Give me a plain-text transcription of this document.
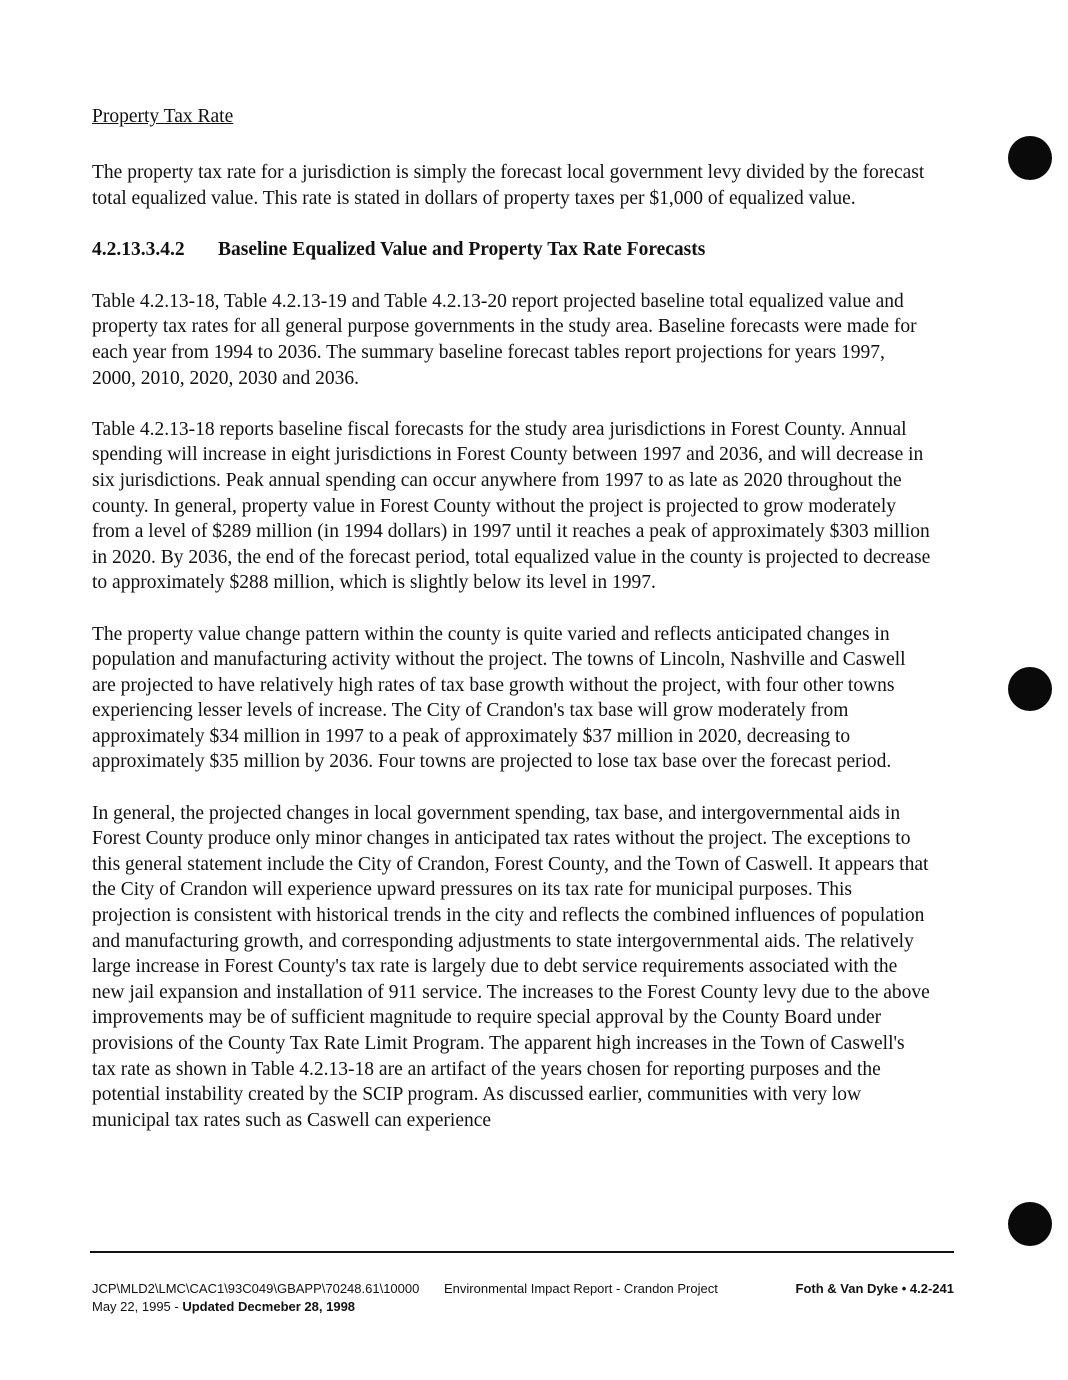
Property Tax Rate

The property tax rate for a jurisdiction is simply the forecast local government levy divided by the forecast total equalized value. This rate is stated in dollars of property taxes per $1,000 of equalized value.

4.2.13.3.4.2	Baseline Equalized Value and Property Tax Rate Forecasts

Table 4.2.13-18, Table 4.2.13-19 and Table 4.2.13-20 report projected baseline total equalized value and property tax rates for all general purpose governments in the study area. Baseline forecasts were made for each year from 1994 to 2036. The summary baseline forecast tables report projections for years 1997, 2000, 2010, 2020, 2030 and 2036.

Table 4.2.13-18 reports baseline fiscal forecasts for the study area jurisdictions in Forest County. Annual spending will increase in eight jurisdictions in Forest County between 1997 and 2036, and will decrease in six jurisdictions. Peak annual spending can occur anywhere from 1997 to as late as 2020 throughout the county. In general, property value in Forest County without the project is projected to grow moderately from a level of $289 million (in 1994 dollars) in 1997 until it reaches a peak of approximately $303 million in 2020. By 2036, the end of the forecast period, total equalized value in the county is projected to decrease to approximately $288 million, which is slightly below its level in 1997.

The property value change pattern within the county is quite varied and reflects anticipated changes in population and manufacturing activity without the project. The towns of Lincoln, Nashville and Caswell are projected to have relatively high rates of tax base growth without the project, with four other towns experiencing lesser levels of increase. The City of Crandon's tax base will grow moderately from approximately $34 million in 1997 to a peak of approximately $37 million in 2020, decreasing to approximately $35 million by 2036. Four towns are projected to lose tax base over the forecast period.

In general, the projected changes in local government spending, tax base, and intergovernmental aids in Forest County produce only minor changes in anticipated tax rates without the project. The exceptions to this general statement include the City of Crandon, Forest County, and the Town of Caswell. It appears that the City of Crandon will experience upward pressures on its tax rate for municipal purposes. This projection is consistent with historical trends in the city and reflects the combined influences of population and manufacturing growth, and corresponding adjustments to state intergovernmental aids. The relatively large increase in Forest County's tax rate is largely due to debt service requirements associated with the new jail expansion and installation of 911 service. The increases to the Forest County levy due to the above improvements may be of sufficient magnitude to require special approval by the County Board under provisions of the County Tax Rate Limit Program. The apparent high increases in the Town of Caswell's tax rate as shown in Table 4.2.13-18 are an artifact of the years chosen for reporting purposes and the potential instability created by the SCIP program. As discussed earlier, communities with very low municipal tax rates such as Caswell can experience

JCP\MLD2\LMC\CAC1\93C049\GBAPP\70248.61\10000
May 22, 1995 - Updated Decmeber 28, 1998
Environmental Impact Report - Crandon Project	Foth & Van Dyke • 4.2-241
